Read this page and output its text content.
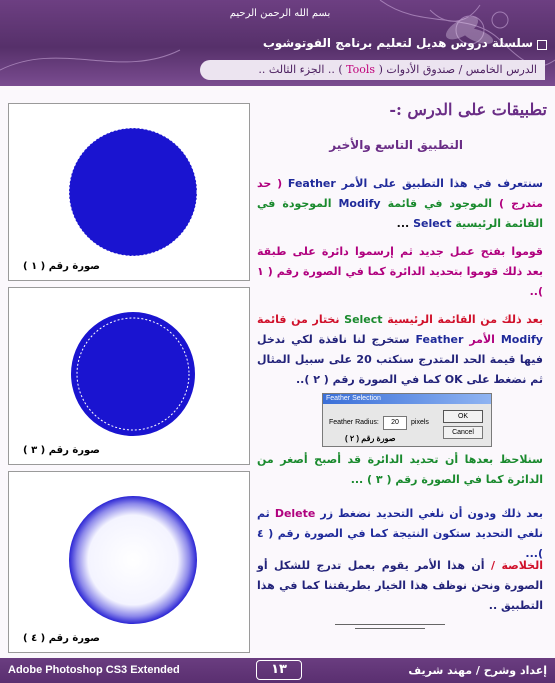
بسم الله الرحمن الرحيم
سلسلة دروس هديل لتعليم برنامج الفوتوشوب
الدرس الخامس / صندوق الأدوات ( Tools ) .. الجزء الثالث ..
صورة رقم ( ١ )
صورة رقم ( ٣ )
صورة رقم ( ٤ )
تطبيقات على الدرس :-
التطبيق التاسع والأخير
سنتعرف في هذا التطبيق على الأمر Feather ( حد متدرج ) الموجود في قائمة Modify الموجودة في القائمة الرئيسية Select ...
قوموا بفتح عمل جديد ثم إرسموا دائرة على طبقة بعد ذلك قوموا بتحديد الدائرة كما في الصورة رقم ( ١ )..
بعد ذلك من القائمة الرئيسية Select نختار من قائمة Modify الأمر Feather ستخرج لنا نافذة لكي ندخل فيها قيمة الحد المتدرج سنكتب 20 على سبيل المثال ثم نضغط على OK كما في الصورة رقم ( ٢ )..
سنلاحظ بعدها أن تحديد الدائرة قد أصبح أصغر من الدائرة كما في الصورة رقم ( ٣ ) ...
بعد ذلك ودون أن نلغي التحديد نضغط زر Delete ثم نلغي التحديد ستكون النتيجة كما في الصورة رقم ( ٤ )...
الخلاصة / أن هذا الأمر يقوم بعمل تدرج للشكل أو الصورة ونحن نوظف هذا الخيار بطريقتنا كما في هذا التطبيق ..
Feather Selection
Feather Radius:	20	pixels
OK
Cancel
صورة رقم ( ٢ )
Adobe Photoshop CS3 Extended	١٣	إعداد وشرح / مهند شريف
